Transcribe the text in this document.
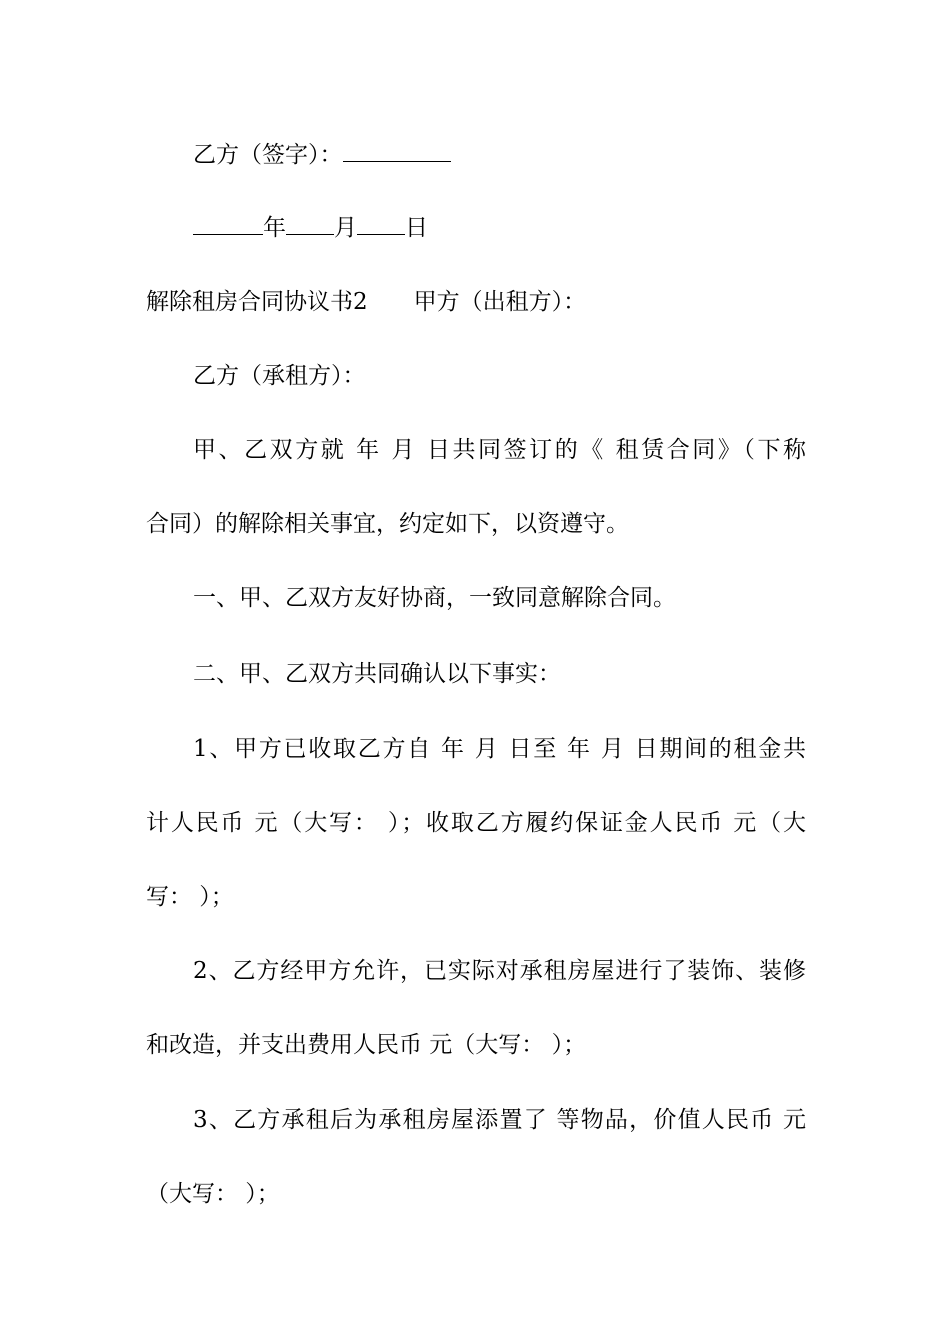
乙方（签字）：
年 月 日
解除租房合同协议书2 甲方（出租方）：
乙方（承租方）：
甲、乙双方就 年 月 日共同签订的《 租赁合同》（下称
合同）的解除相关事宜，约定如下，以资遵守。
一、甲、乙双方友好协商，一致同意解除合同。
二、甲、乙双方共同确认以下事实：
1、甲方已收取乙方自 年 月 日至 年 月 日期间的租金共
计人民币 元（大写： ）；收取乙方履约保证金人民币 元（大
写： ）；
2、乙方经甲方允许，已实际对承租房屋进行了装饰、装修
和改造，并支出费用人民币 元（大写： ）；
3、乙方承租后为承租房屋添置了 等物品，价值人民币 元
（大写： ）；
